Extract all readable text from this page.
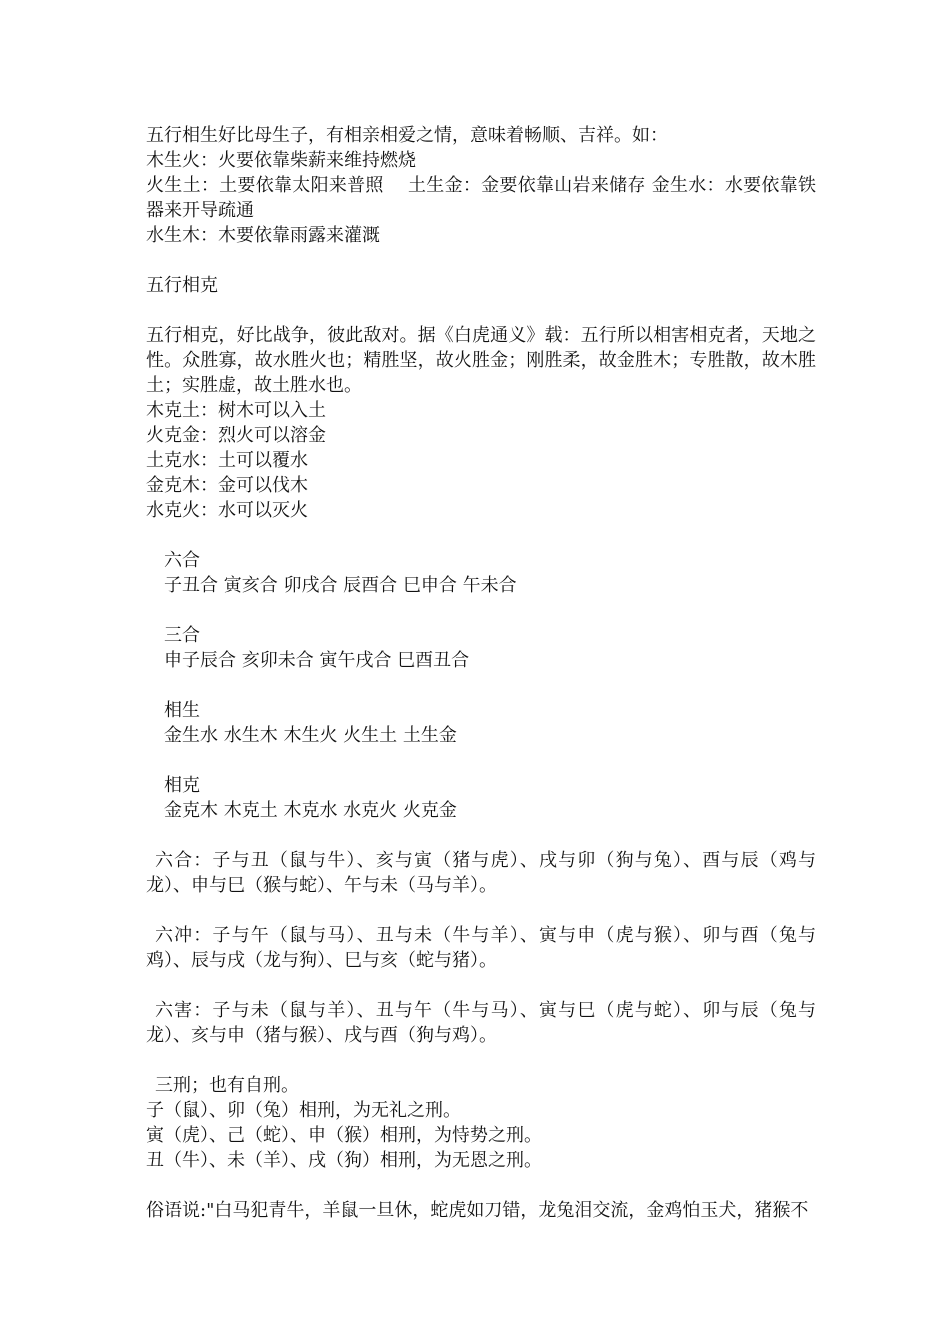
五行相生好比母生子，有相亲相爱之情，意味着畅顺、吉祥。如：
木生火：火要依靠柴薪来维持燃烧
火生土：土要依靠太阳来普照　 土生金：金要依靠山岩来储存 金生水：水要依靠铁器来开导疏通
水生木：木要依靠雨露来灌溉
五行相克
五行相克，好比战争，彼此敌对。据《白虎通义》载：五行所以相害相克者，天地之性。众胜寡，故水胜火也；精胜坚，故火胜金；刚胜柔，故金胜木；专胜散，故木胜土；实胜虚，故土胜水也。
木克土：树木可以入土
火克金：烈火可以溶金
土克水：土可以覆水
金克木：金可以伐木
水克火：水可以灭火
六合
子丑合 寅亥合 卯戌合 辰酉合 巳申合 午未合
三合
申子辰合 亥卯未合 寅午戌合 巳酉丑合
相生
金生水 水生木 木生火 火生土 土生金
相克
金克木 木克土 木克水 水克火 火克金
六合：子与丑（鼠与牛）、亥与寅（猪与虎）、戌与卯（狗与兔）、酉与辰（鸡与龙）、申与巳（猴与蛇）、午与未（马与羊）。
六冲：子与午（鼠与马）、丑与未（牛与羊）、寅与申（虎与猴）、卯与酉（兔与鸡）、辰与戌（龙与狗）、巳与亥（蛇与猪）。
六害：子与未（鼠与羊）、丑与午（牛与马）、寅与巳（虎与蛇）、卯与辰（兔与龙）、亥与申（猪与猴）、戌与酉（狗与鸡）。
三刑；也有自刑。
子（鼠）、卯（兔）相刑，为无礼之刑。
寅（虎）、己（蛇）、申（猴）相刑，为恃势之刑。
丑（牛）、未（羊）、戌（狗）相刑，为无恩之刑。
俗语说:"白马犯青牛，羊鼠一旦休，蛇虎如刀错，龙兔泪交流，金鸡怕玉犬，猪猴不
